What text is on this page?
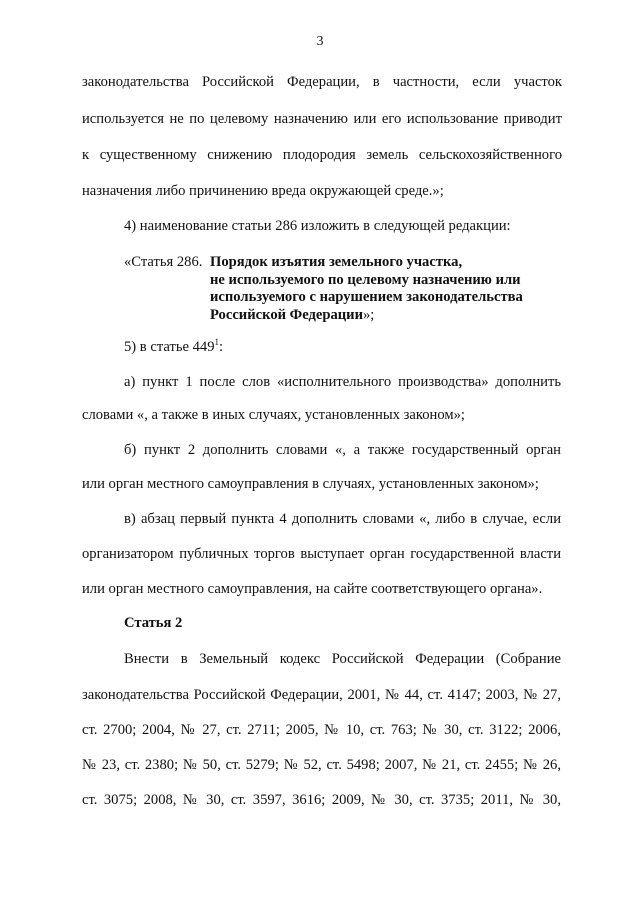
3
законодательства Российской Федерации, в частности, если участок
используется не по целевому назначению или его использование приводит
к существенному снижению плодородия земель сельскохозяйственного
назначения либо причинению вреда окружающей среде.»;
4) наименование статьи 286 изложить в следующей редакции:
«Статья 286. Порядок изъятия земельного участка,
не используемого по целевому назначению или
используемого с нарушением законодательства
Российской Федерации»;
5) в статье $449^1$:
а) пункт 1 после слов «исполнительного производства» дополнить
словами «, а также в иных случаях, установленных законом»;
б) пункт 2 дополнить словами «, а также государственный орган
или орган местного самоуправления в случаях, установленных законом»;
в) абзац первый пункта 4 дополнить словами «, либо в случае, если
организатором публичных торгов выступает орган государственной власти
или орган местного самоуправления, на сайте соответствующего органа».
Статья 2
Внести в Земельный кодекс Российской Федерации (Собрание
законодательства Российской Федерации, 2001, № 44, ст. 4147; 2003, № 27,
ст. 2700; 2004, № 27, ст. 2711; 2005, № 10, ст. 763; № 30, ст. 3122; 2006,
№ 23, ст. 2380; № 50, ст. 5279; № 52, ст. 5498; 2007, № 21, ст. 2455; № 26,
ст. 3075; 2008, № 30, ст. 3597, 3616; 2009, № 30, ст. 3735; 2011, № 30,
